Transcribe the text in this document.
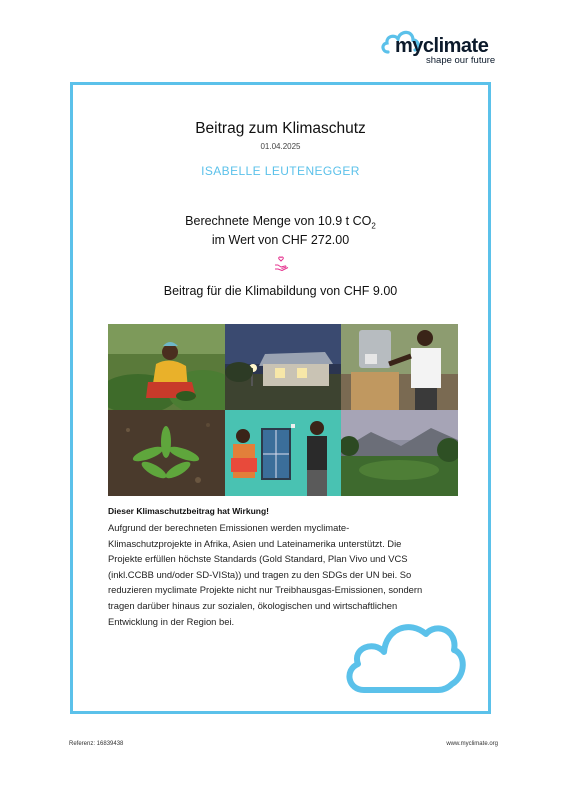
myclimate
shape our future
Beitrag zum Klimaschutz
01.04.2025
ISABELLE LEUTENEGGER
Berechnete Menge von 10.9 t $CO_2$
im Wert von CHF 272.00
Beitrag für die Klimabildung von CHF 9.00
Dieser Klimaschutzbeitrag hat Wirkung!
Aufgrund der berechneten Emissionen werden myclimate-
Klimaschutzprojekte in Afrika, Asien und Lateinamerika unterstützt. Die
Projekte erfüllen höchste Standards (Gold Standard, Plan Vivo und VCS
(inkl.CCBB und/oder SD-VISta)) und tragen zu den SDGs der UN bei. So
reduzieren myclimate Projekte nicht nur Treibhausgas-Emissionen, sondern
tragen darüber hinaus zur sozialen, ökologischen und wirtschaftlichen
Entwicklung in der Region bei.
Referenz: 16839438	www.myclimate.org
